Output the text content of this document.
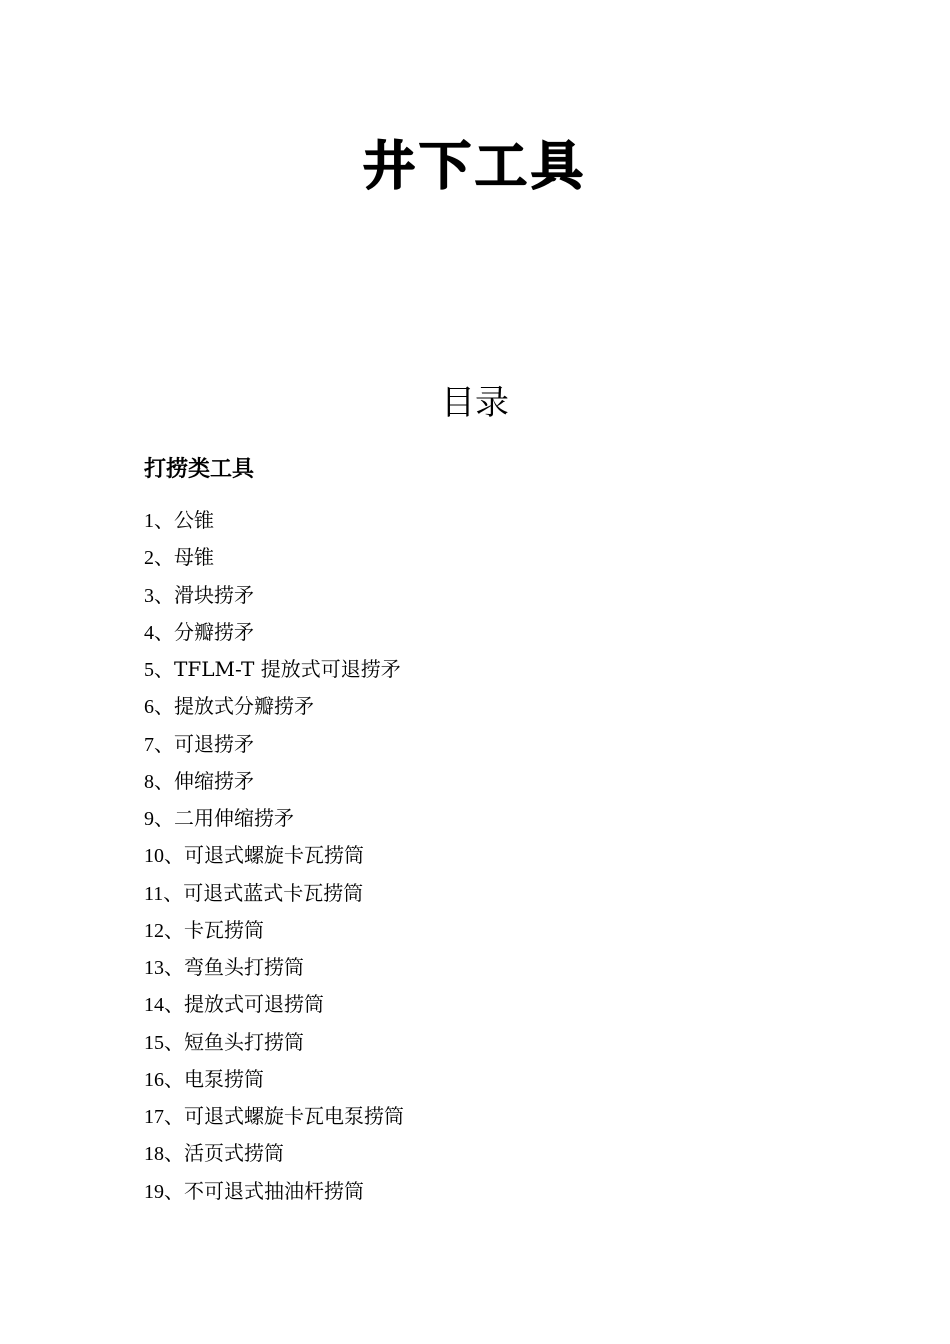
井下工具
目录
打捞类工具
1、公锥
2、母锥
3、滑块捞矛
4、分瓣捞矛
5、TFLM-T 提放式可退捞矛
6、提放式分瓣捞矛
7、可退捞矛
8、伸缩捞矛
9、二用伸缩捞矛
10、可退式螺旋卡瓦捞筒
11、可退式蓝式卡瓦捞筒
12、卡瓦捞筒
13、弯鱼头打捞筒
14、提放式可退捞筒
15、短鱼头打捞筒
16、电泵捞筒
17、可退式螺旋卡瓦电泵捞筒
18、活页式捞筒
19、不可退式抽油杆捞筒
